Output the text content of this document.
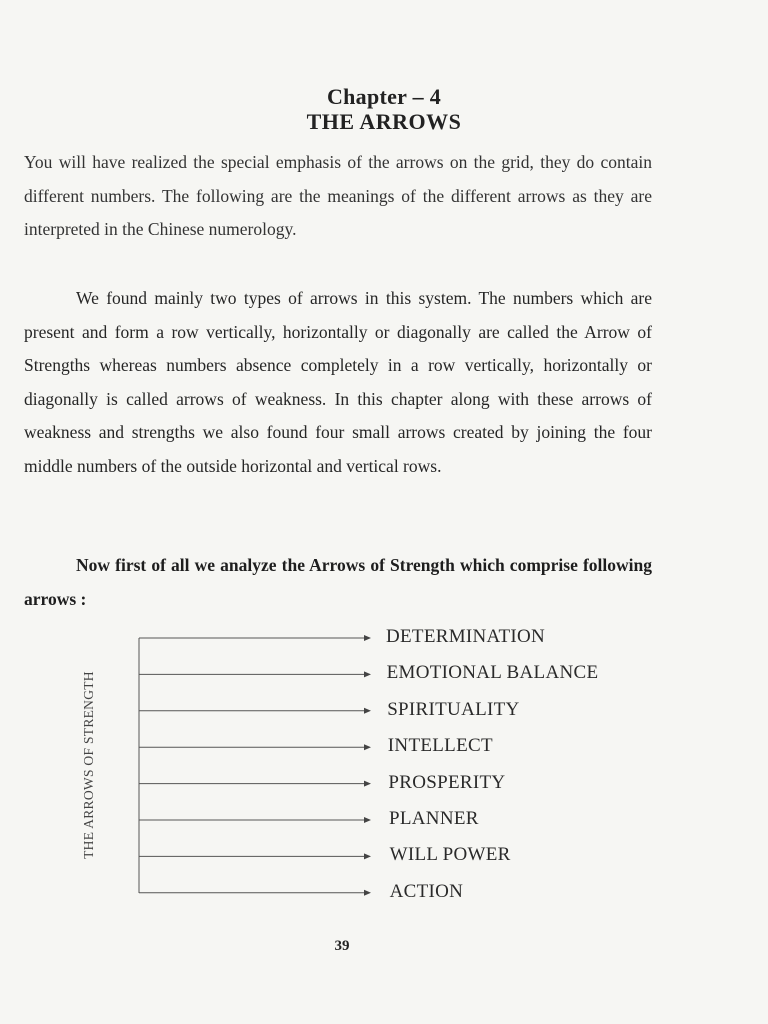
Chapter – 4
THE ARROWS
You will have realized the special emphasis of the arrows on the grid, they do contain different numbers. The following are the meanings of the different arrows as they are interpreted in the Chinese numerology.
We found mainly two types of arrows in this system. The numbers which are present and form a row vertically, horizontally or diagonally are called the Arrow of Strengths whereas numbers absence completely in a row vertically, horizontally or diagonally is called arrows of weakness. In this chapter along with these arrows of weakness and strengths we also found four small arrows created by joining the four middle numbers of the outside horizontal and vertical rows.
Now first of all we analyze the Arrows of Strength which comprise following arrows :
THE ARROWS OF STRENGTH
DETERMINATION
EMOTIONAL BALANCE
SPIRITUALITY
INTELLECT
PROSPERITY
PLANNER
WILL POWER
ACTION
39
